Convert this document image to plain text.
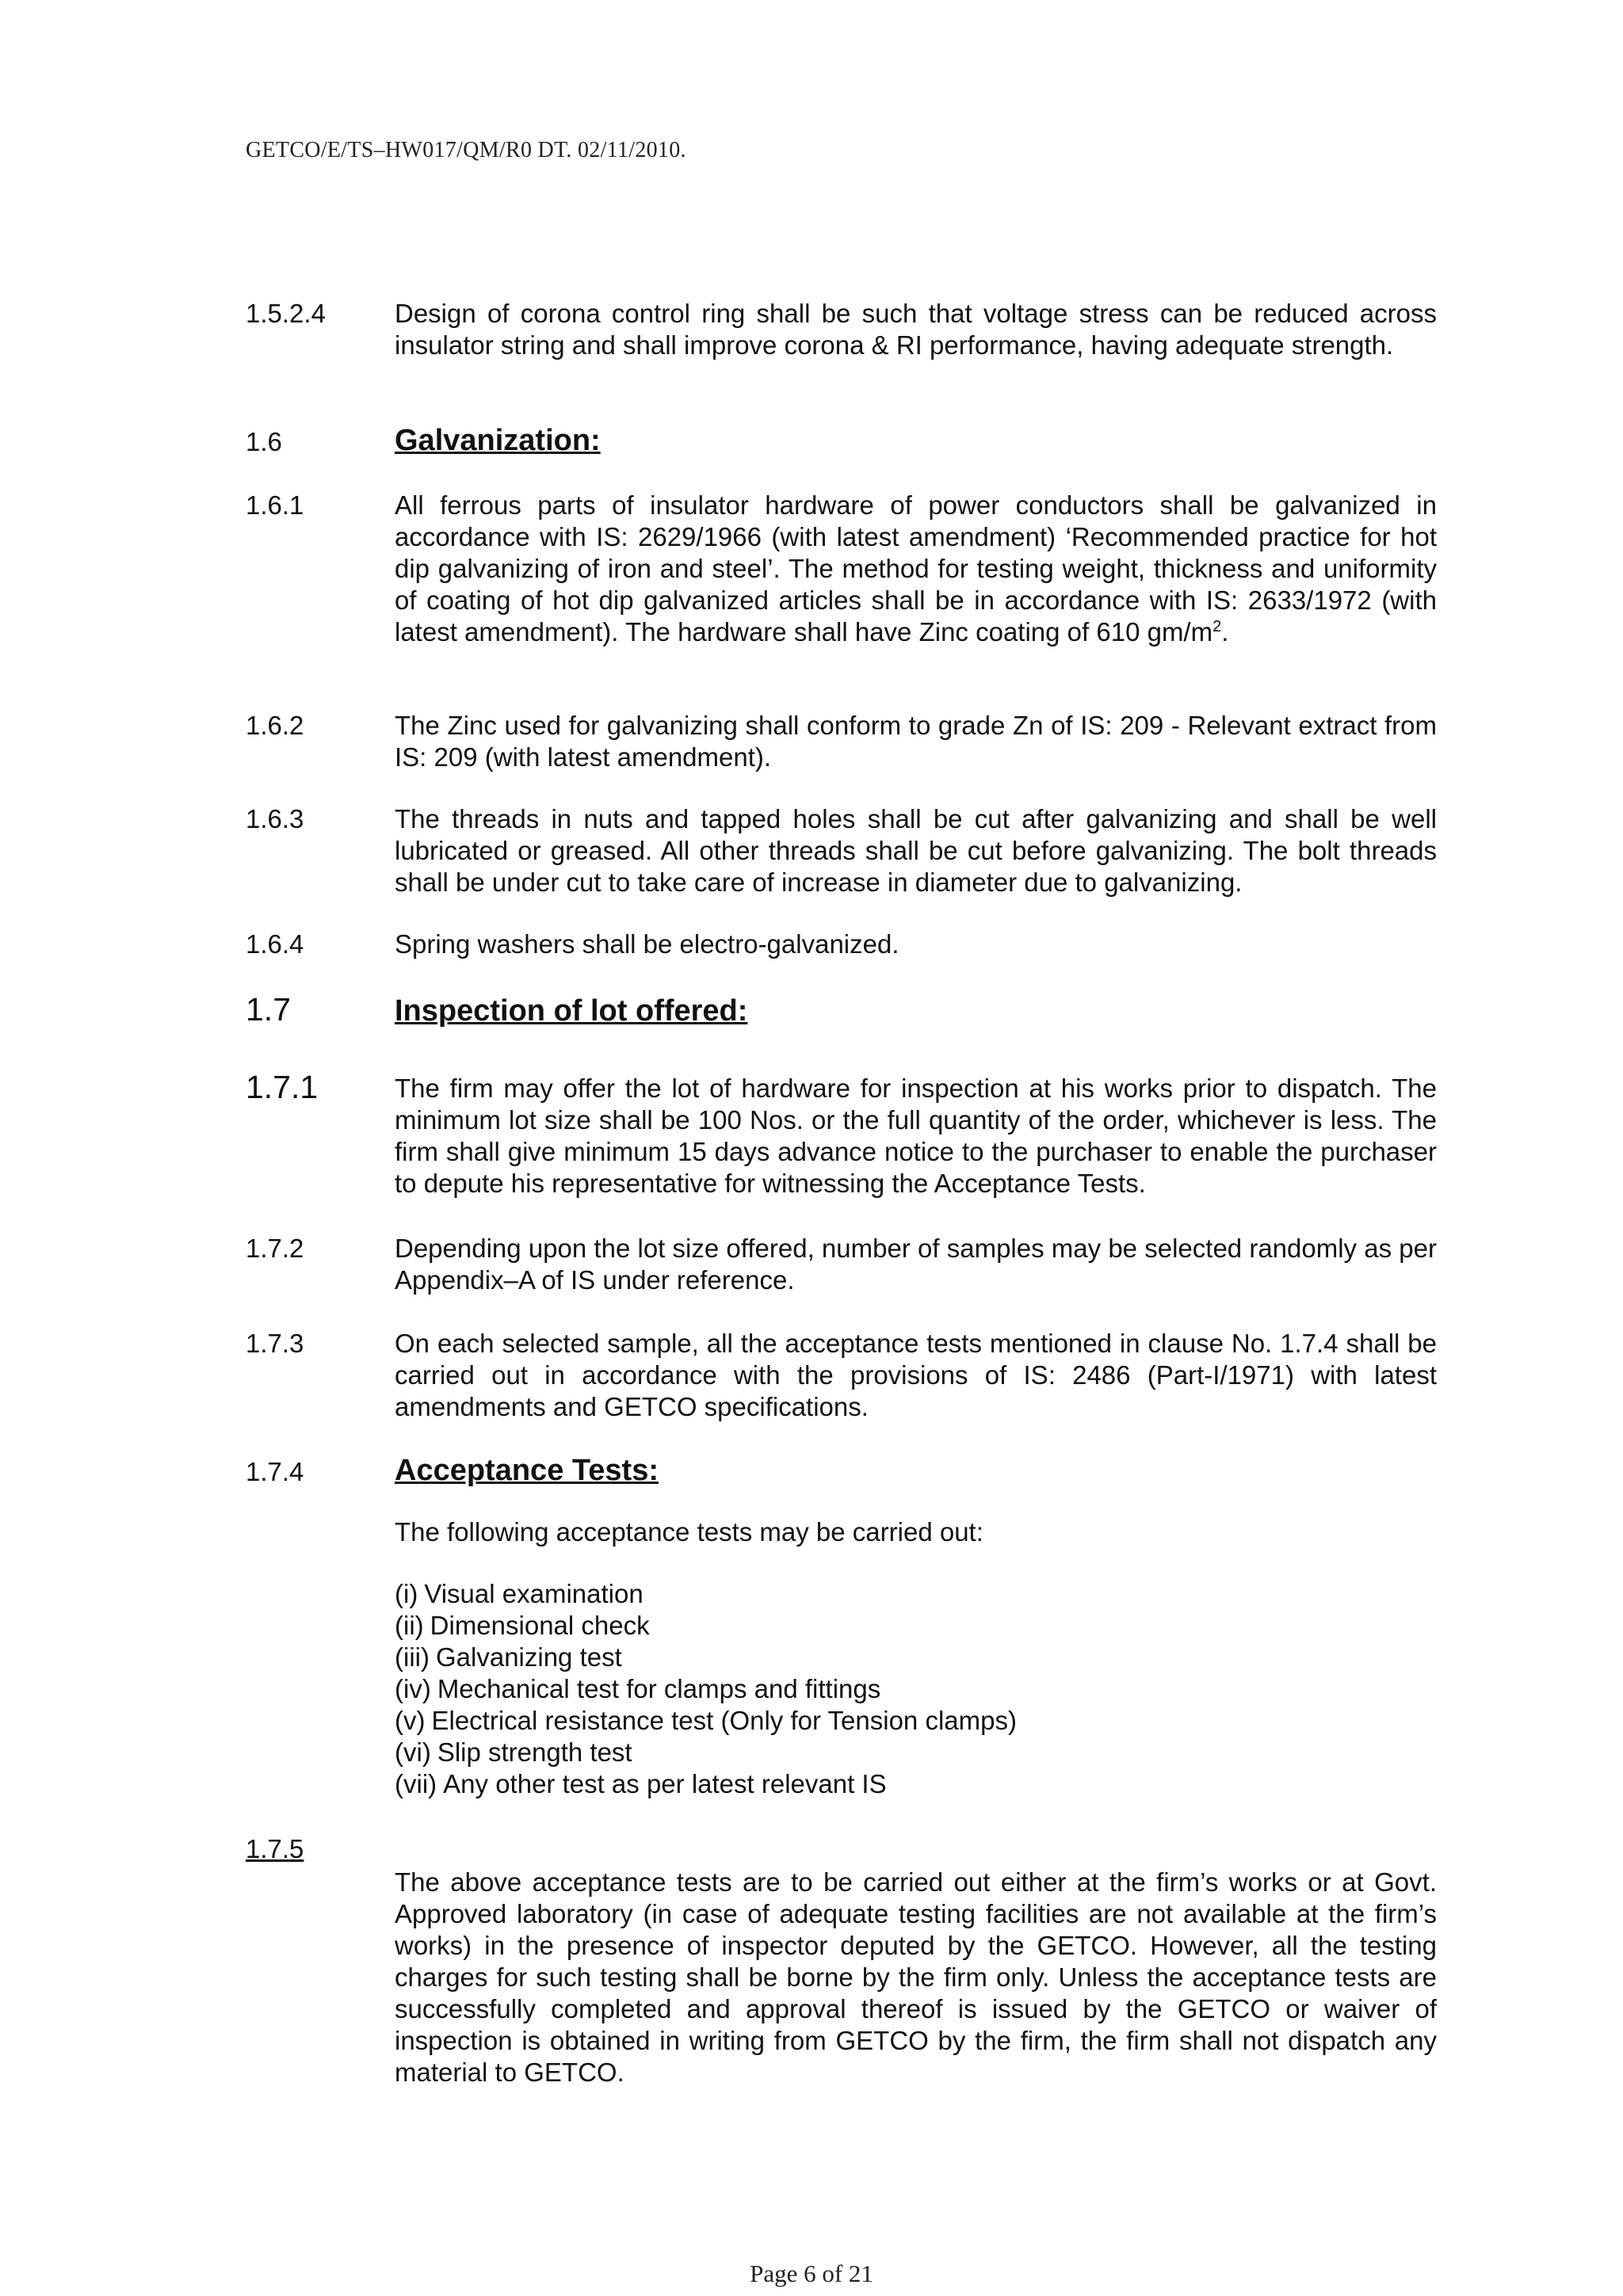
GETCO/E/TS–HW017/QM/R0 DT. 02/11/2010.
1.5.2.4	Design of corona control ring shall be such that voltage stress can be reduced across insulator string and shall improve corona & RI performance, having adequate strength.

1.6	Galvanization:
1.6.1	All ferrous parts of insulator hardware of power conductors shall be galvanized in accordance with IS: 2629/1966 (with latest amendment) ‘Recommended practice for hot dip galvanizing of iron and steel’. The method for testing weight, thickness and uniformity of coating of hot dip galvanized articles shall be in accordance with IS: 2633/1972 (with latest amendment). The hardware shall have Zinc coating of 610 $gm/m^2$.

1.6.2	The Zinc used for galvanizing shall conform to grade Zn of IS: 209 - Relevant extract from IS: 209 (with latest amendment).

1.6.3	The threads in nuts and tapped holes shall be cut after galvanizing and shall be well lubricated or greased. All other threads shall be cut before galvanizing. The bolt threads shall be under cut to take care of increase in diameter due to galvanizing.

1.6.4	Spring washers shall be electro-galvanized.

1.7	Inspection of lot offered:
1.7.1	The firm may offer the lot of hardware for inspection at his works prior to dispatch. The minimum lot size shall be 100 Nos. or the full quantity of the order, whichever is less. The firm shall give minimum 15 days advance notice to the purchaser to enable the purchaser to depute his representative for witnessing the Acceptance Tests.

1.7.2	Depending upon the lot size offered, number of samples may be selected randomly as per Appendix–A of IS under reference.

1.7.3	On each selected sample, all the acceptance tests mentioned in clause No. 1.7.4 shall be carried out in accordance with the provisions of IS: 2486 (Part-I/1971) with latest amendments and GETCO specifications.

1.7.4	Acceptance Tests:

The following acceptance tests may be carried out:

(i) Visual examination
(ii) Dimensional check
(iii) Galvanizing test
(iv) Mechanical test for clamps and fittings
(v) Electrical resistance test (Only for Tension clamps)
(vi) Slip strength test
(vii) Any other test as per latest relevant IS
1.7.5

The above acceptance tests are to be carried out either at the firm’s works or at Govt. Approved laboratory (in case of adequate testing facilities are not available at the firm’s works) in the presence of inspector deputed by the GETCO. However, all the testing charges for such testing shall be borne by the firm only. Unless the acceptance tests are successfully completed and approval thereof is issued by the GETCO or waiver of inspection is obtained in writing from GETCO by the firm, the firm shall not dispatch any material to GETCO.

Page 6 of 21
